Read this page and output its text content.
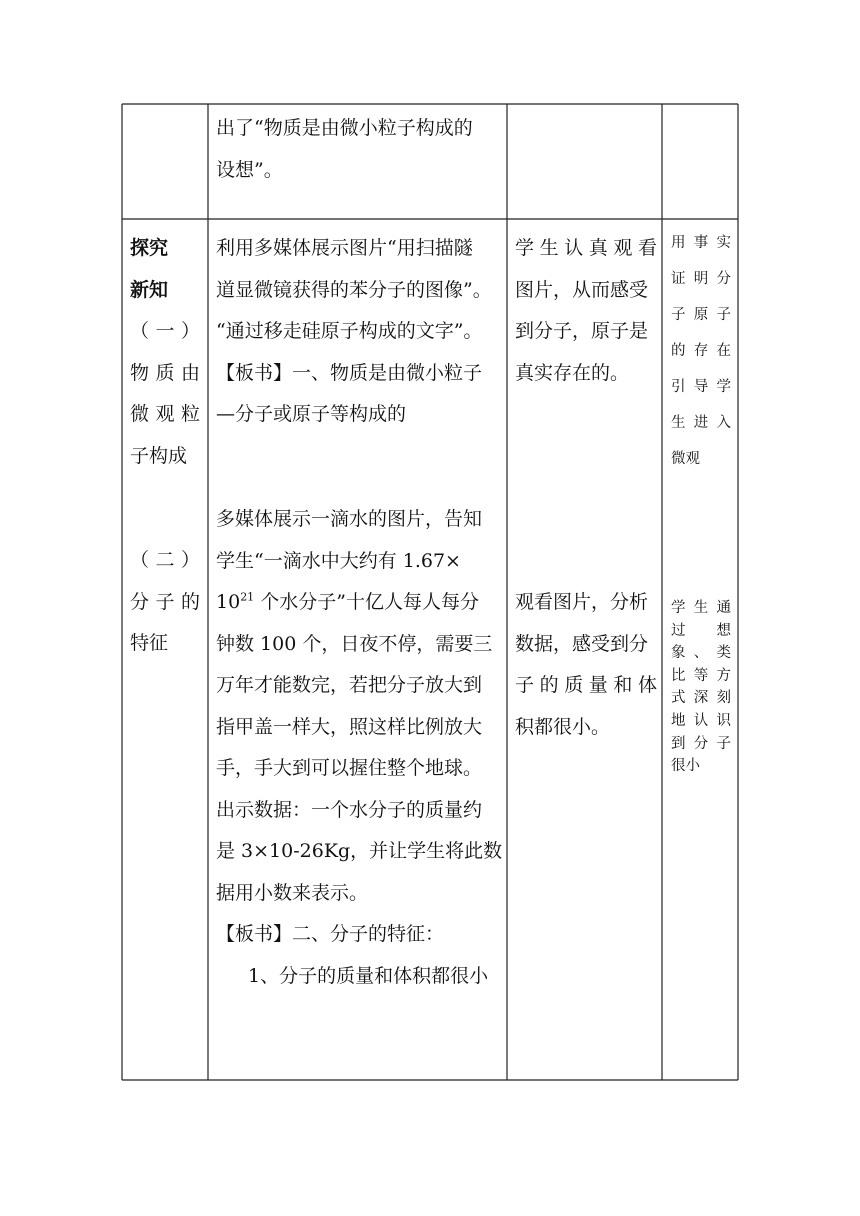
出了“物质是由微小粒子构成的
设想”。
探究
新知
（一）
物质由
微观粒
子构成
（二）
分子的
特征
利用多媒体展示图片“用扫描隧
道显微镜获得的苯分子的图像”。
“通过移走硅原子构成的文字”。
【板书】一、物质是由微小粒子
—分子或原子等构成的
多媒体展示一滴水的图片，告知
学生“一滴水中大约有 1.67×
$10^{21}$ 个水分子”十亿人每人每分
钟数 100 个，日夜不停，需要三
万年才能数完，若把分子放大到
指甲盖一样大，照这样比例放大
手，手大到可以握住整个地球。
出示数据：一个水分子的质量约
是 3×10-26Kg，并让学生将此数
据用小数来表示。
【板书】二、分子的特征：
1、分子的质量和体积都很小
学生认真观看
图片，从而感受
到分子，原子是
真实存在的。
观看图片，分析
数据，感受到分
子的质量和体
积都很小。
用事实
证明分
子原子
的存在
引导学
生进入
微观
学生通
过　想
象、类
比等方
式深刻
地认识
到分子
很小
